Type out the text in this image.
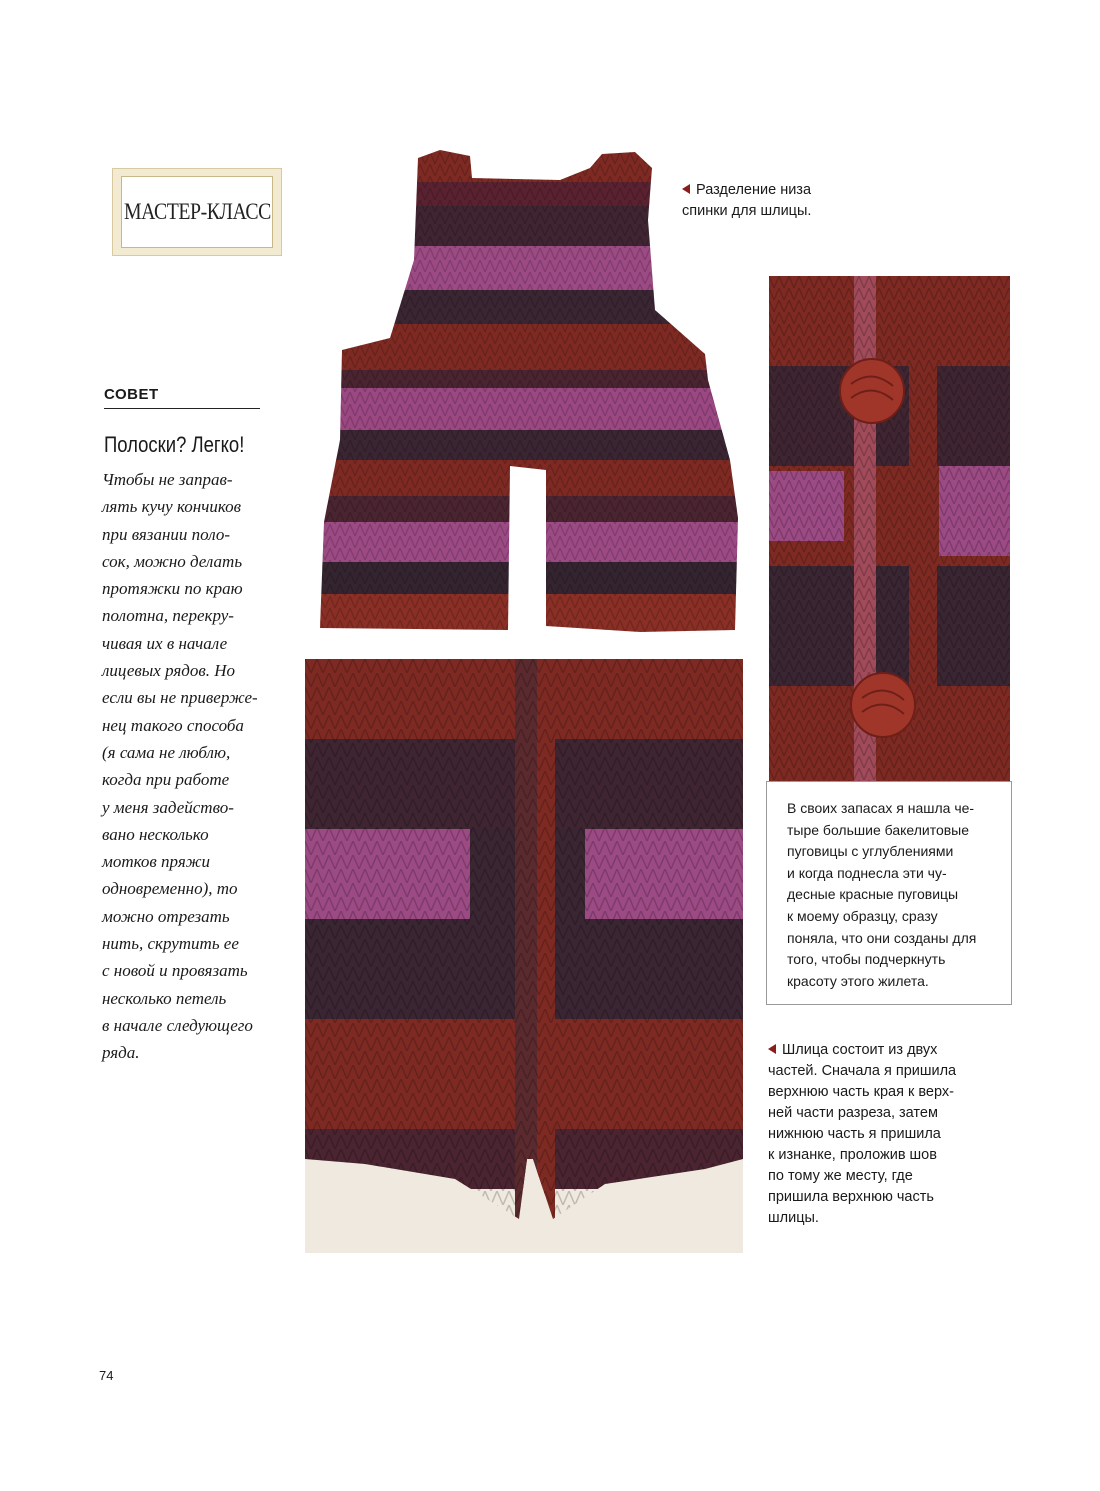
МАСТЕР-КЛАСС
СОВЕТ
Полоски? Легко!
Чтобы не заправ-
лять кучу кончиков
при вязании поло-
сок, можно делать
протяжки по краю
полотна, перекру-
чивая их в начале
лицевых рядов. Но
если вы не приверже-
нец такого способа
(я сама не люблю,
когда при работе
у меня задейство-
вано несколько
мотков пряжи
одновременно), то
можно отрезать
нить, скрутить ее
с новой и провязать
несколько петель
в начале следующего
ряда.
Разделение низа
спинки для шлицы.
В своих запасах я нашла че-
тыре большие бакелитовые
пуговицы с углублениями
и когда поднесла эти чу-
десные красные пуговицы
к моему образцу, сразу
поняла, что они созданы для
того, чтобы подчеркнуть
красоту этого жилета.
Шлица состоит из двух
частей. Сначала я пришила
верхнюю часть края к верх-
ней части разреза, затем
нижнюю часть я пришила
к изнанке, проложив шов
по тому же месту, где
пришила верхнюю часть
шлицы.
74
